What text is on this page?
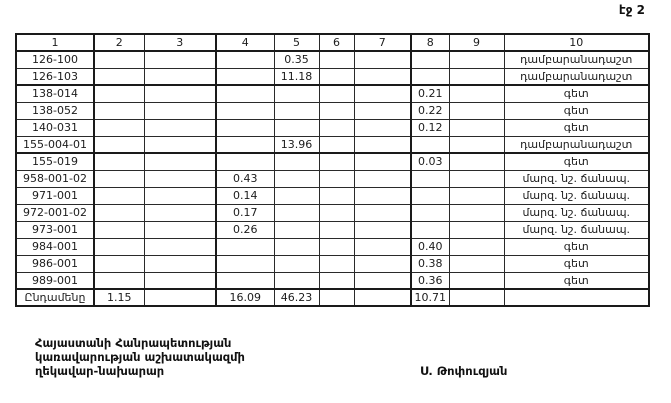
էջ 2
1	2	3	4	5	6	7	8	9	10
126-100				0.35					դամբարանադաշտ
126-103				11.18					դամբարանադաշտ
138-014							0.21		գետ
138-052							0.22		գետ
140-031							0.12		գետ
155-004-01				13.96					դամբարանադաշտ
155-019							0.03		գետ
958-001-02			0.43						մարզ. նշ. ճանապ.
971-001			0.14						մարզ. նշ. ճանապ.
972-001-02			0.17						մարզ. նշ. ճանապ.
973-001			0.26						մարզ. նշ. ճանապ.
984-001							0.40		գետ
986-001							0.38		գետ
989-001							0.36		գետ
Ընդամենը	1.15		16.09	46.23			10.71		
Հայաստանի Հանրապետության
կառավարության աշխատակազմի
ղեկավար-նախարար	Ս. Թոփուզյան
